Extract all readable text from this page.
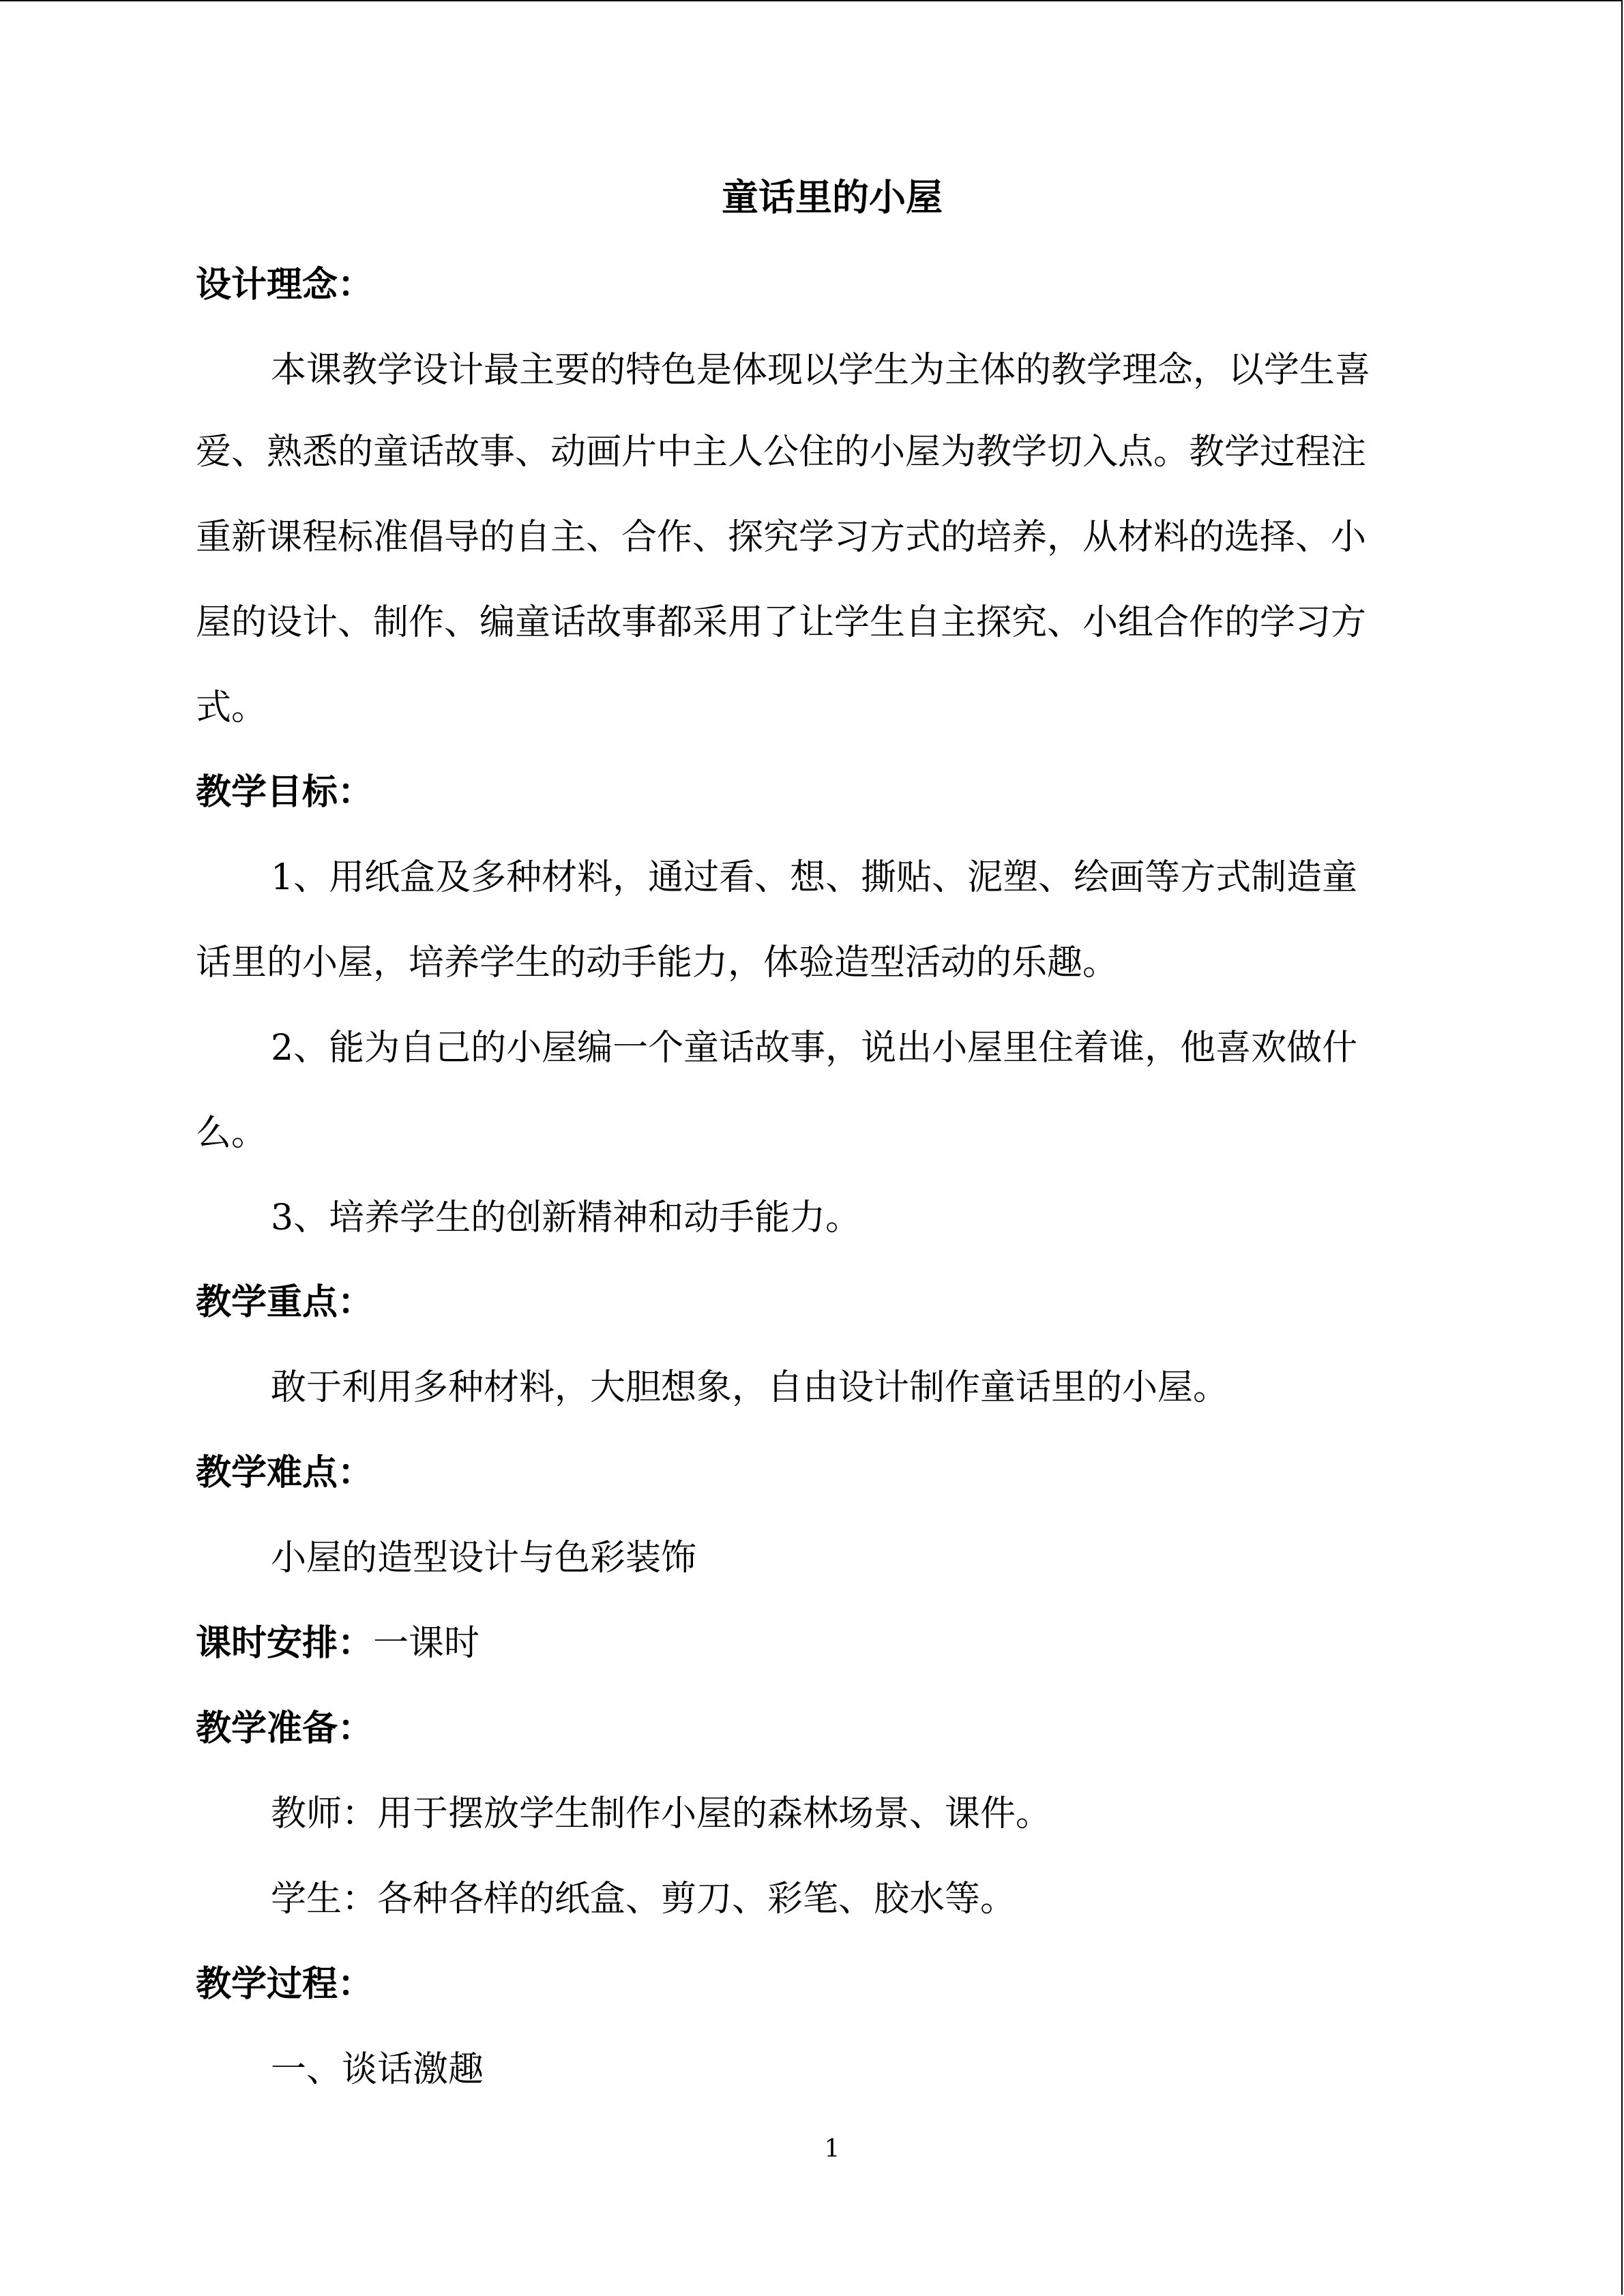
童话里的小屋

设计理念：

本课教学设计最主要的特色是体现以学生为主体的教学理念，以学生喜

爱、熟悉的童话故事、动画片中主人公住的小屋为教学切入点。教学过程注

重新课程标准倡导的自主、合作、探究学习方式的培养，从材料的选择、小

屋的设计、制作、编童话故事都采用了让学生自主探究、小组合作的学习方

式。

教学目标：

1、用纸盒及多种材料，通过看、想、撕贴、泥塑、绘画等方式制造童

话里的小屋，培养学生的动手能力，体验造型活动的乐趣。

2、能为自己的小屋编一个童话故事，说出小屋里住着谁，他喜欢做什

么。

3、培养学生的创新精神和动手能力。

教学重点：

敢于利用多种材料，大胆想象，自由设计制作童话里的小屋。

教学难点：

小屋的造型设计与色彩装饰

课时安排：一课时

教学准备：

教师：用于摆放学生制作小屋的森林场景、课件。

学生：各种各样的纸盒、剪刀、彩笔、胶水等。

教学过程：

一、谈话激趣

1
